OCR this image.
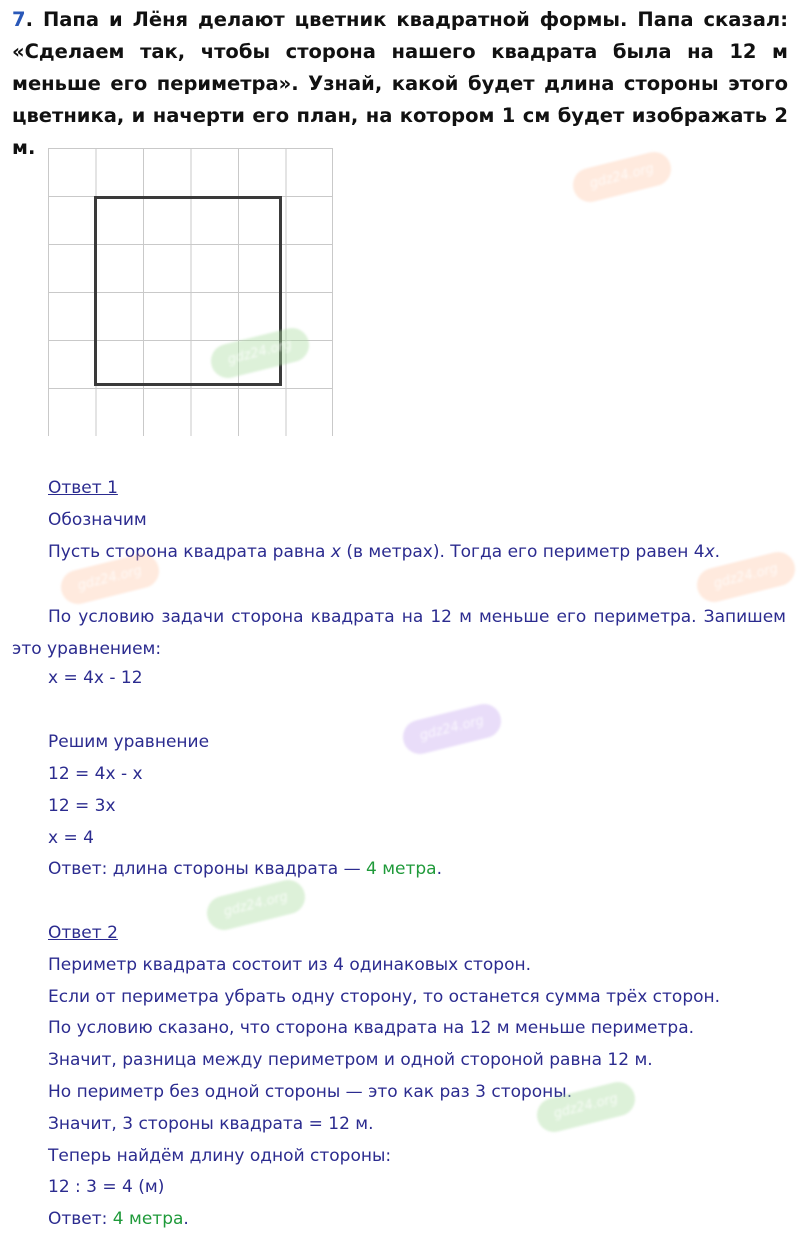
7. Папа и Лёня делают цветник квадратной формы. Папа сказал: «Сделаем так, чтобы сторона нашего квадрата была на 12 м меньше его периметра». Узнай, какой будет длина стороны этого цветника, и начерти его план, на котором 1 см будет изображать 2 м.
Ответ 1
Обозначим
Пусть сторона квадрата равна x (в метрах). Тогда его периметр равен 4x.
По условию задачи сторона квадрата на 12 м меньше его периметра. Запишем это уравнением:
x = 4x - 12
Решим уравнение
12 = 4x - x
12 = 3x
x = 4
Ответ: длина стороны квадрата — 4 метра.
Ответ 2
Периметр квадрата состоит из 4 одинаковых сторон.
Если от периметра убрать одну сторону, то останется сумма трёх сторон.
По условию сказано, что сторона квадрата на 12 м меньше периметра.
Значит, разница между периметром и одной стороной равна 12 м.
Но периметр без одной стороны — это как раз 3 стороны.
Значит, 3 стороны квадрата = 12 м.
Теперь найдём длину одной стороны:
12 : 3 = 4 (м)
Ответ: 4 метра.
gdz24.org
gdz24.org
gdz24.org	gdz24.org
gdz24.org
gdz24.org
gdz24.org
